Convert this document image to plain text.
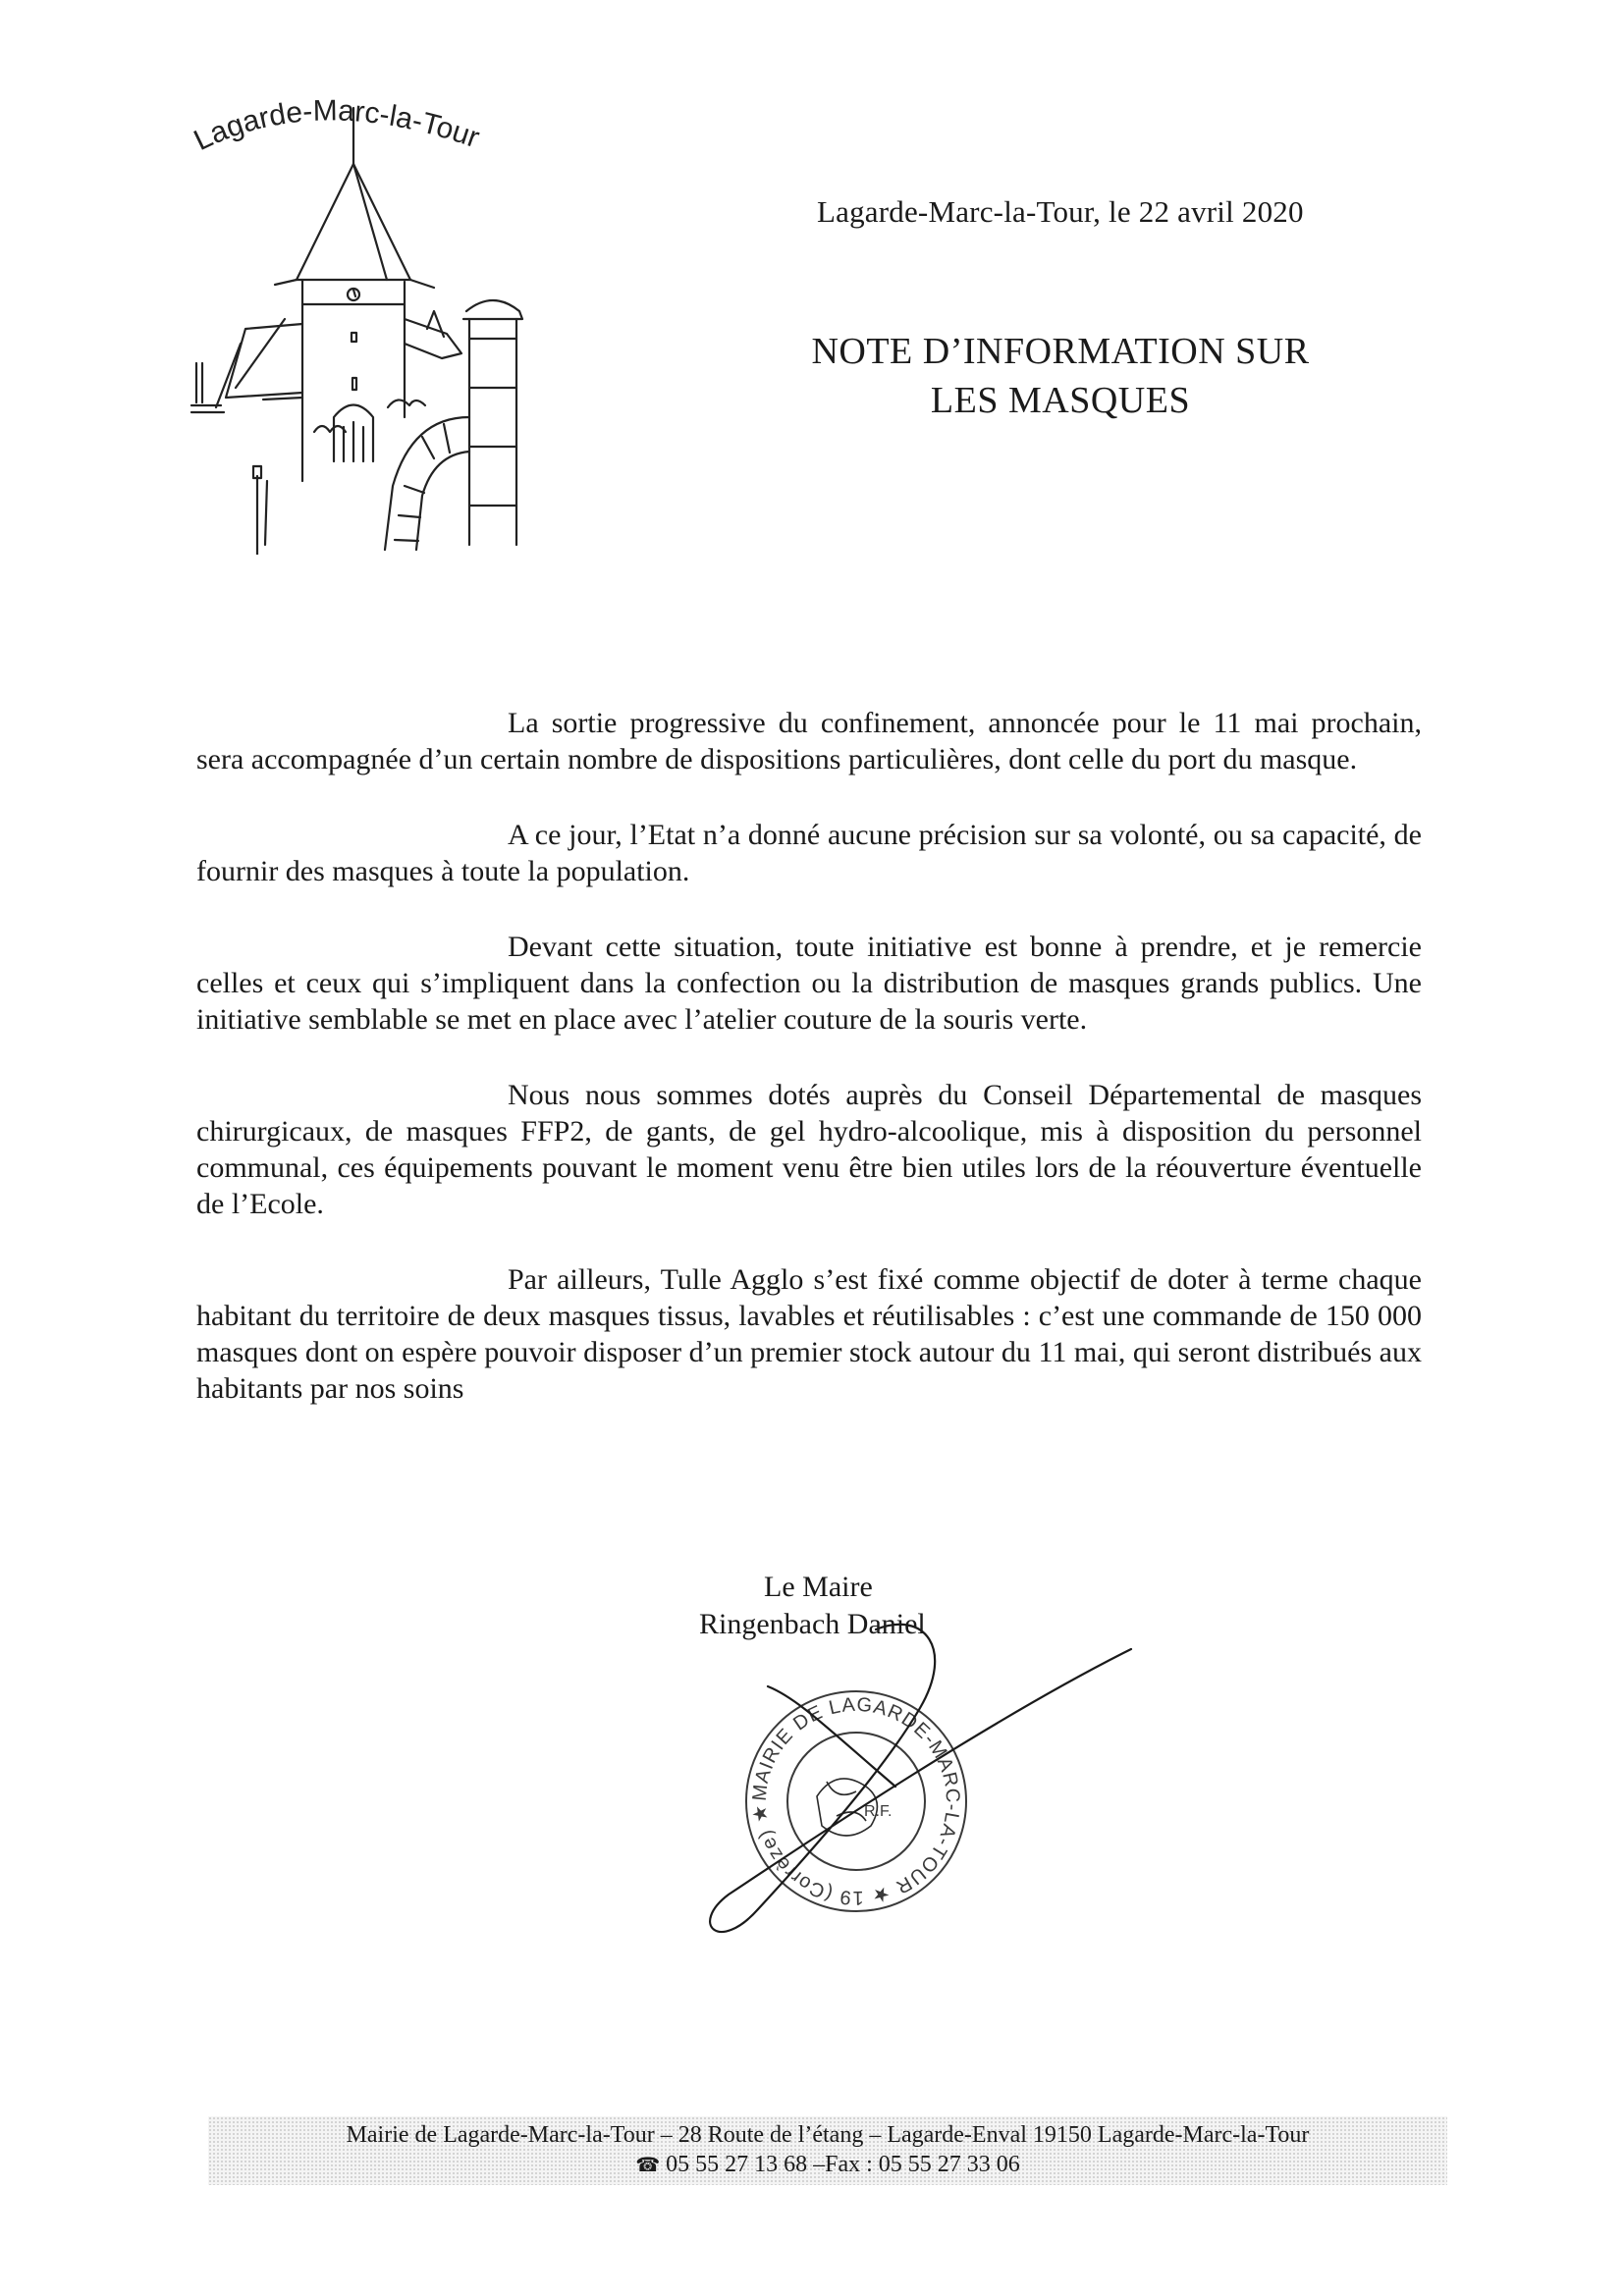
Lagarde-Marc-la-Tour
Lagarde-Marc-la-Tour, le 22 avril 2020
NOTE D’INFORMATION SUR
LES MASQUES

La sortie progressive du confinement, annoncée pour le 11 mai prochain, sera accompagnée d’un certain nombre de dispositions particulières, dont celle du port du masque.

A ce jour, l’Etat n’a donné aucune précision sur sa volonté, ou sa capacité, de fournir des masques à toute la population.

Devant cette situation, toute initiative est bonne à prendre, et je remercie celles et ceux qui s’impliquent dans la confection ou la distribution de masques grands publics. Une initiative semblable se met en place avec l’atelier couture de la souris verte.

Nous nous sommes dotés auprès du Conseil Départemental de masques chirurgicaux, de masques FFP2, de gants, de gel hydro-alcoolique, mis à disposition du personnel communal, ces équipements pouvant le moment venu être bien utiles lors de la réouverture éventuelle de l’Ecole.

Par ailleurs, Tulle Agglo s’est fixé comme objectif de doter à terme chaque habitant du territoire de deux masques tissus, lavables et réutilisables : c’est une commande de 150 000 masques dont on espère pouvoir disposer d’un premier stock autour du 11 mai, qui seront distribués aux habitants par nos soins

Le Maire
Ringenbach Daniel
MAIRIE DE LAGARDE-MARC-LA-TOUR ★ 19 (Corrèze) ★	R.F.
Mairie de Lagarde-Marc-la-Tour – 28 Route de l’étang – Lagarde-Enval 19150 Lagarde-Marc-la-Tour
☎ 05 55 27 13 68 –Fax : 05 55 27 33 06
